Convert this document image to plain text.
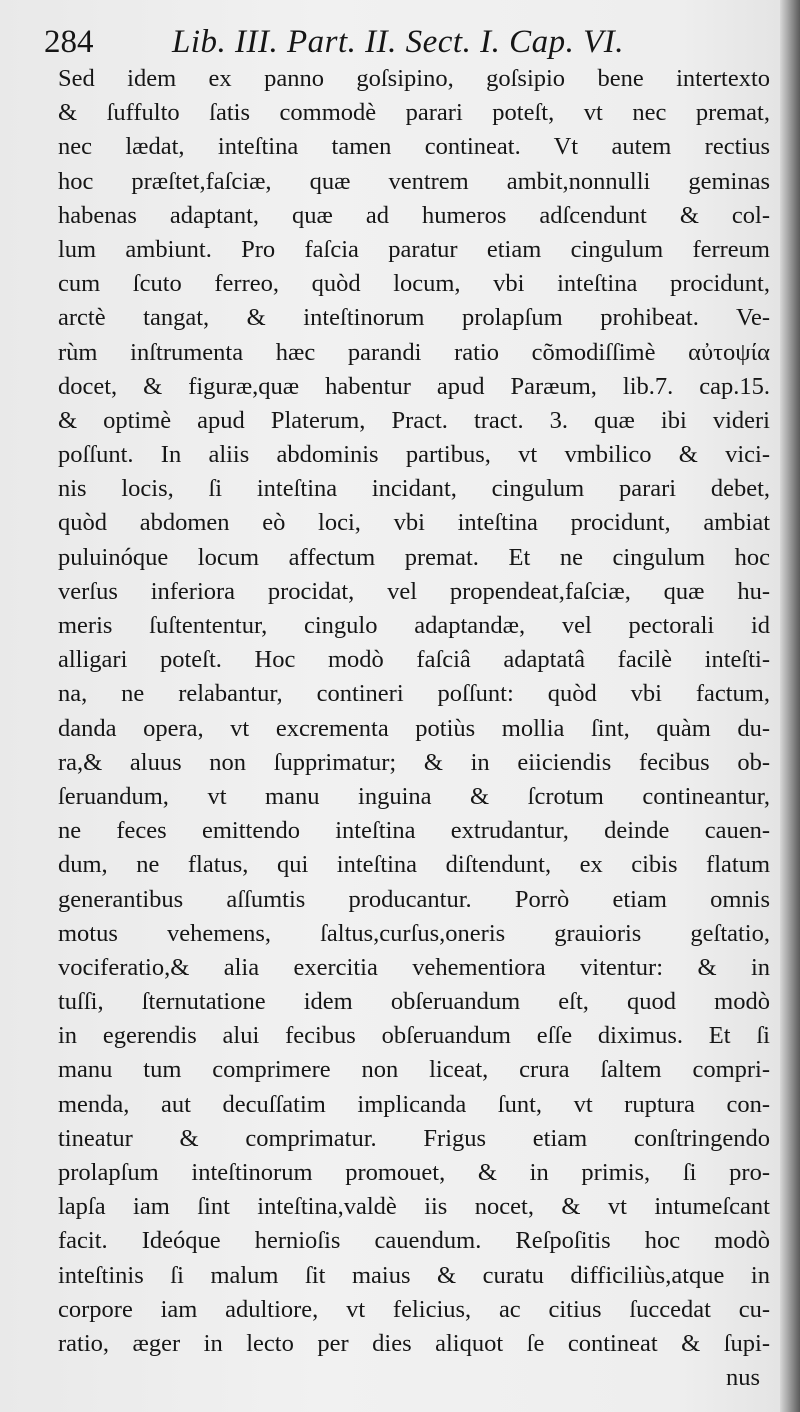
284 Lib. III. Part. II. Sect. I. Cap. VI.
Sed idem ex panno goſsipino, goſsipio bene intertexto
& ſuffulto ſatis commodè parari poteſt, vt nec premat,
nec lædat, inteſtina tamen contineat. Vt autem rectius
hoc præſtet,faſciæ, quæ ventrem ambit,nonnulli geminas
habenas adaptant, quæ ad humeros adſcendunt & col-
lum ambiunt. Pro faſcia paratur etiam cingulum ferreum
cum ſcuto ferreo, quòd locum, vbi inteſtina procidunt,
arctè tangat, & inteſtinorum prolapſum prohibeat. Ve-
rùm inſtrumenta hæc parandi ratio cõmodiſſimè αὐτοψία
docet, & figuræ,quæ habentur apud Paræum, lib.7. cap.15.
& optimè apud Platerum, Pract. tract. 3. quæ ibi videri
poſſunt. In aliis abdominis partibus, vt vmbilico & vici-
nis locis, ſi inteſtina incidant, cingulum parari debet,
quòd abdomen eò loci, vbi inteſtina procidunt, ambiat
puluinóque locum affectum premat. Et ne cingulum hoc
verſus inferiora procidat, vel propendeat,faſciæ, quæ hu-
meris ſuſtententur, cingulo adaptandæ, vel pectorali id
alligari poteſt. Hoc modò faſciâ adaptatâ facilè inteſti-
na, ne relabantur, contineri poſſunt: quòd vbi factum,
danda opera, vt excrementa potiùs mollia ſint, quàm du-
ra,& aluus non ſupprimatur; & in eiiciendis fecibus ob-
ſeruandum, vt manu inguina & ſcrotum contineantur,
ne feces emittendo inteſtina extrudantur, deinde cauen-
dum, ne flatus, qui inteſtina diſtendunt, ex cibis flatum
generantibus aſſumtis producantur. Porrò etiam omnis
motus vehemens, ſaltus,curſus,oneris grauioris geſtatio,
vociferatio,& alia exercitia vehementiora vitentur: & in
tuſſi, ſternutatione idem obſeruandum eſt, quod modò
in egerendis alui fecibus obſeruandum eſſe diximus. Et ſi
manu tum comprimere non liceat, crura ſaltem compri-
menda, aut decuſſatim implicanda ſunt, vt ruptura con-
tineatur & comprimatur. Frigus etiam conſtringendo
prolapſum inteſtinorum promouet, & in primis, ſi pro-
lapſa iam ſint inteſtina,valdè iis nocet, & vt intumeſcant
facit. Ideóque hernioſis cauendum. Reſpoſitis hoc modò
inteſtinis ſi malum ſit maius & curatu difficiliùs,atque in
corpore iam adultiore, vt felicius, ac citius ſuccedat cu-
ratio, æger in lecto per dies aliquot ſe contineat & ſupi-
nus
